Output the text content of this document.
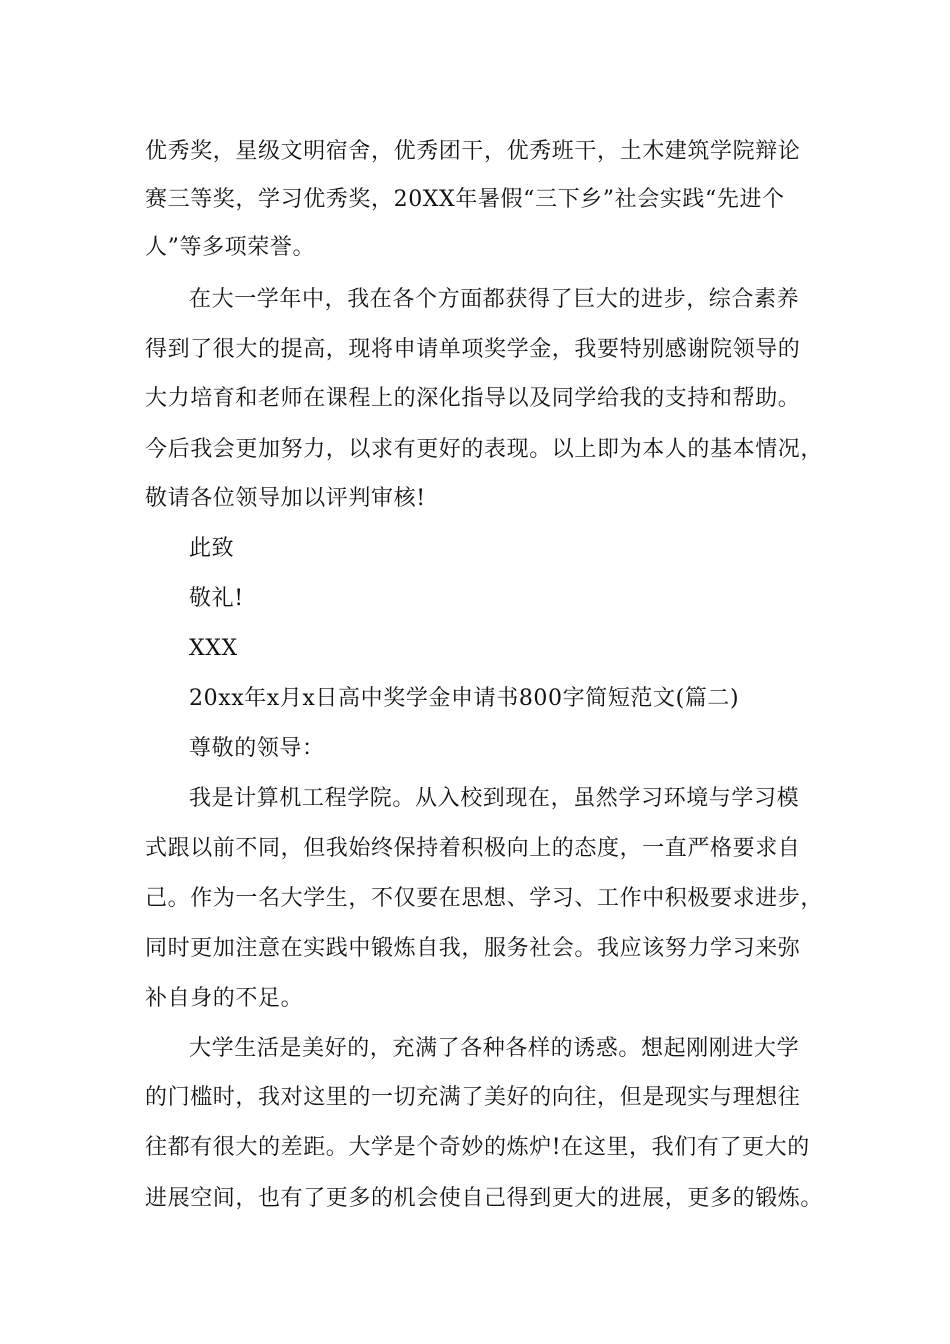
优秀奖，星级文明宿舍，优秀团干，优秀班干，土木建筑学院辩论
赛三等奖，学习优秀奖，20XX年暑假“三下乡”社会实践“先进个
人”等多项荣誉。
在大一学年中，我在各个方面都获得了巨大的进步，综合素养
得到了很大的提高，现将申请单项奖学金，我要特别感谢院领导的
大力培育和老师在课程上的深化指导以及同学给我的支持和帮助。
今后我会更加努力，以求有更好的表现。以上即为本人的基本情况，
敬请各位领导加以评判审核!
此致
敬礼!
XXX
20xx年x月x日高中奖学金申请书800字简短范文(篇二)
尊敬的领导：
我是计算机工程学院。从入校到现在，虽然学习环境与学习模
式跟以前不同，但我始终保持着积极向上的态度，一直严格要求自
己。作为一名大学生，不仅要在思想、学习、工作中积极要求进步，
同时更加注意在实践中锻炼自我，服务社会。我应该努力学习来弥
补自身的不足。
大学生活是美好的，充满了各种各样的诱惑。想起刚刚进大学
的门槛时，我对这里的一切充满了美好的向往，但是现实与理想往
往都有很大的差距。大学是个奇妙的炼炉!在这里，我们有了更大的
进展空间，也有了更多的机会使自己得到更大的进展，更多的锻炼。
